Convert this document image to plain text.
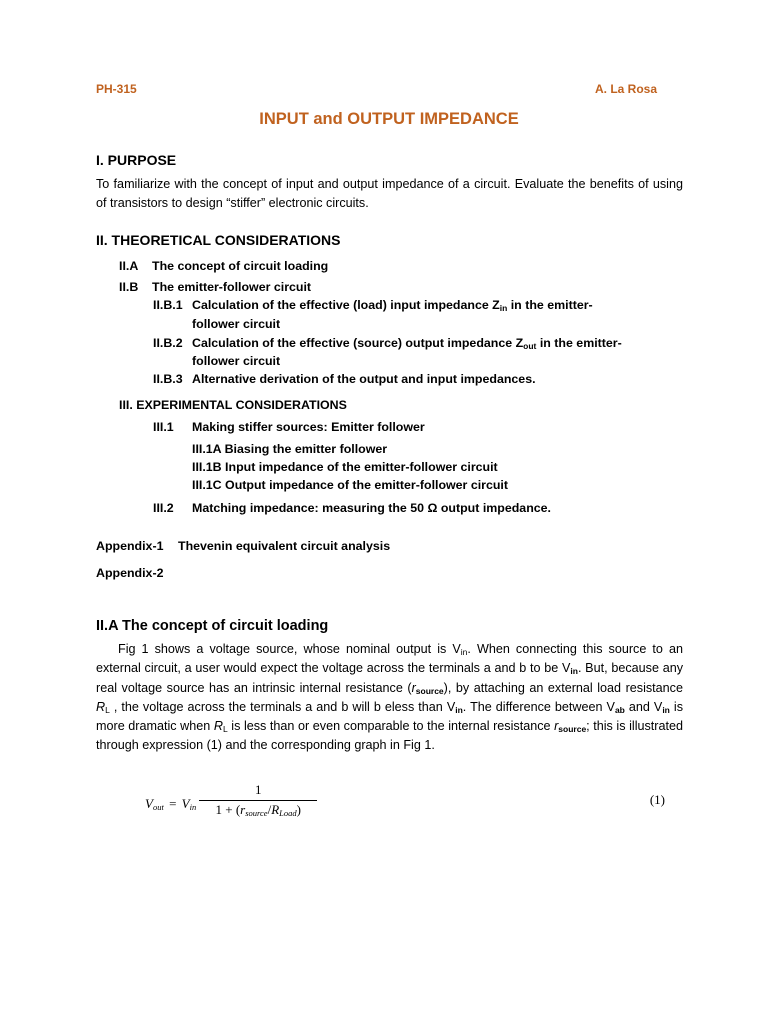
PH-315	A. La Rosa
INPUT and OUTPUT IMPEDANCE
I. PURPOSE
To familiarize with the concept of input and output impedance of a circuit. Evaluate the benefits of using of transistors to design “stiffer” electronic circuits.
II. THEORETICAL CONSIDERATIONS
II.A The concept of circuit loading
II.B The emitter-follower circuit
II.B.1 Calculation of the effective (load) input impedance $Z_{in}$ in the emitter-
follower circuit
II.B.2 Calculation of the effective (source) output impedance $Z_{out}$ in the emitter-
follower circuit
II.B.3 Alternative derivation of the output and input impedances.
III. EXPERIMENTAL CONSIDERATIONS
III.1 Making stiffer sources: Emitter follower
III.1A Biasing the emitter follower
III.1B Input impedance of the emitter-follower circuit
III.1C Output impedance of the emitter-follower circuit
III.2 Matching impedance: measuring the 50 Ω output impedance.
Appendix-1 Thevenin equivalent circuit analysis
Appendix-2
II.A The concept of circuit loading
Fig 1 shows a voltage source, whose nominal output is $V_{in}$. When connecting this source to an external circuit, a user would expect the voltage across the terminals a and b to be $V_{in}$. But, because any real voltage source has an intrinsic internal resistance $(r_{source})$, by attaching an external load resistance $R_L$ , the voltage across the terminals a and b will b eless than $V_{in}$. The difference between $V_{ab}$ and $V_{in}$ is more dramatic when $R_L$ is less than or even comparable to the internal resistance $r_{source}$; this is illustrated through expression (1) and the corresponding graph in Fig 1.
$V_{out} = V_{in}$
1
$1 + (r_{source}/R_{Load})$
(1)
